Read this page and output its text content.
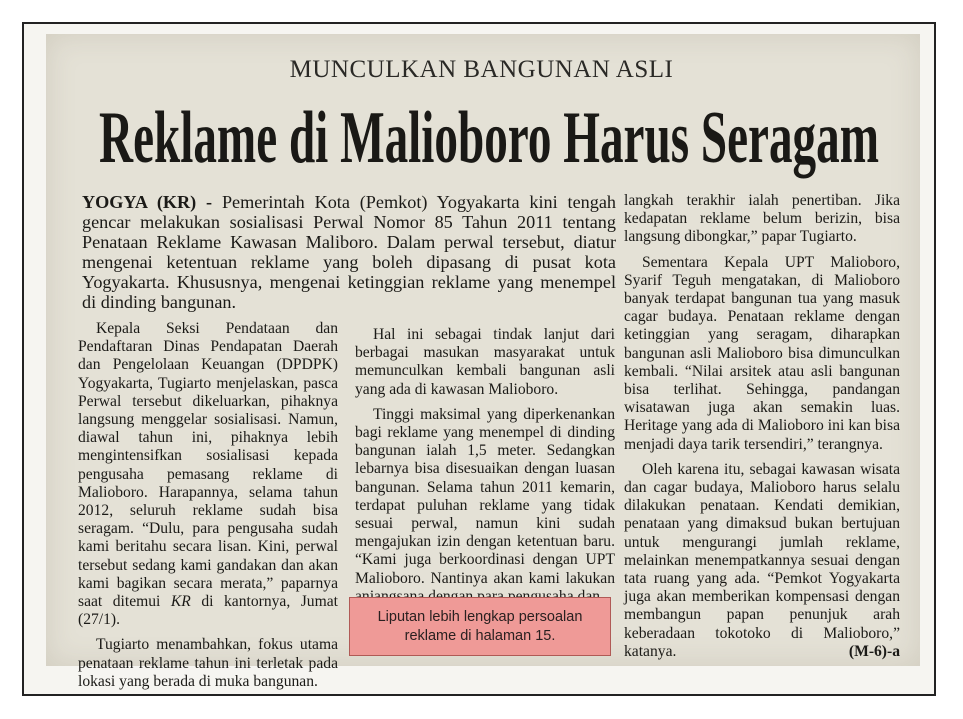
MUNCULKAN BANGUNAN ASLI
Reklame di Malioboro Harus Seragam
YOGYA (KR) - Pemerintah Kota (Pemkot) Yogyakarta kini tengah gencar melakukan sosialisasi Perwal Nomor 85 Tahun 2011 tentang Penataan Reklame Kawasan Maliboro. Dalam perwal tersebut, diatur mengenai ketentuan reklame yang boleh dipasang di pusat kota Yogyakarta. Khususnya, mengenai ketinggian reklame yang menempel di dinding bangunan.

Kepala Seksi Pendataan dan Pendaftaran Dinas Pendapatan Daerah dan Pengelolaan Keuangan (DPDPK) Yogyakarta, Tugiarto menjelaskan, pasca Perwal tersebut dikeluarkan, pihaknya langsung menggelar sosialisasi. Namun, diawal tahun ini, pihaknya lebih mengintensifkan sosialisasi kepada pengusaha pemasang reklame di Malioboro. Harapannya, selama tahun 2012, seluruh reklame sudah bisa seragam. “Dulu, para pengusaha sudah kami beritahu secara lisan. Kini, perwal tersebut sedang kami gandakan dan akan kami bagikan secara merata,” paparnya saat ditemui KR di kantornya, Jumat (27/1).

Tugiarto menambahkan, fokus utama penataan reklame tahun ini terletak pada lokasi yang berada di muka bangunan.

Hal ini sebagai tindak lanjut dari berbagai masukan masyarakat untuk memunculkan kembali bangunan asli yang ada di kawasan Malioboro.

Tinggi maksimal yang diperkenankan bagi reklame yang menempel di dinding bangunan ialah 1,5 meter. Sedangkan lebarnya bisa disesuaikan dengan luasan bangunan. Selama tahun 2011 kemarin, terdapat puluhan reklame yang tidak sesuai perwal, namun kini sudah mengajukan izin dengan ketentuan baru. “Kami juga berkoordinasi dengan UPT Malioboro. Nantinya akan kami lakukan

langkah terakhir ialah penertiban. Jika kedapatan reklame belum berizin, bisa langsung dibongkar,” papar Tugiarto.

Sementara Kepala UPT Malioboro, Syarif Teguh mengatakan, di Malioboro banyak terdapat bangunan tua yang masuk cagar budaya. Penataan reklame dengan ketinggian yang seragam, diharapkan bangunan asli Malioboro bisa dimunculkan kembali. “Nilai arsitek atau asli bangunan bisa terlihat. Sehingga, pandangan wisatawan juga akan semakin luas. Heritage yang ada di Malioboro ini kan bisa menjadi daya tarik tersendiri,” terangnya.

Oleh karena itu, sebagai kawasan wisata dan cagar budaya, Malioboro harus selalu dilakukan penataan. Kendati demikian, penataan yang dimaksud bukan bertujuan untuk mengurangi jumlah reklame, melainkan menempatkannya sesuai dengan tata ruang yang ada. “Pemkot Yogyakarta juga akan memberikan kompensasi dengan membangun papan penunjuk arah keberadaan tokotoko di Malioboro,” katanya.	(M-6)-a

Liputan lebih lengkap persoalan
reklame di halaman 15.
